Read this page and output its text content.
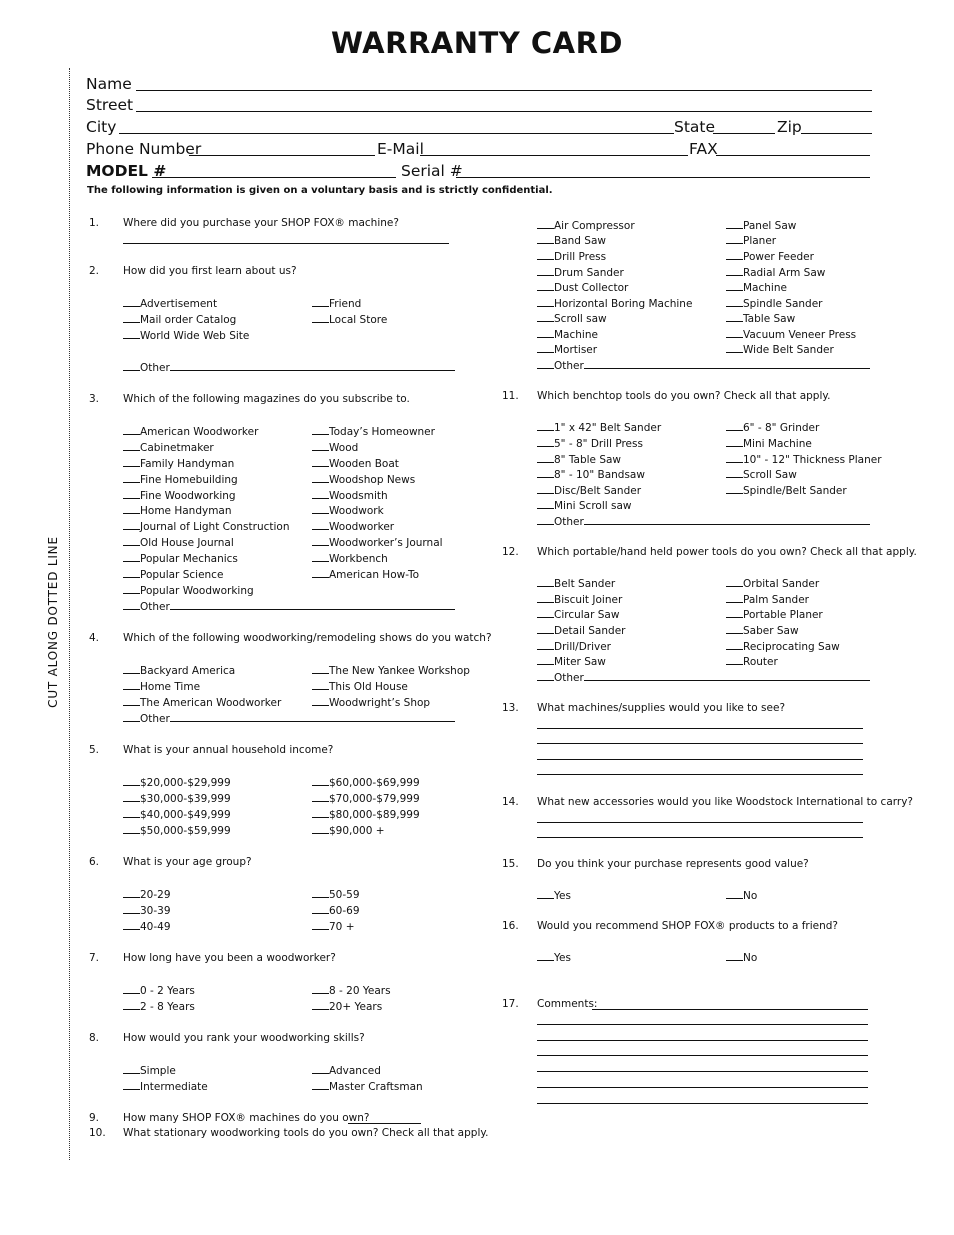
WARRANTY CARD
CUT ALONG DOTTED LINE
Name
Street
City	State	Zip
Phone Number	E-Mail	FAX
MODEL #	Serial #
The following information is given on a voluntary basis and is strictly confidential.
1. Where did you purchase your SHOP FOX® machine?
2. How did you first learn about us?
Advertisement
Mail order Catalog
World Wide Web Site
Friend
Local Store
Other
3. Which of the following magazines do you subscribe to.
American Woodworker
Cabinetmaker
Family Handyman
Fine Homebuilding
Fine Woodworking
Home Handyman
Journal of Light Construction
Old House Journal
Popular Mechanics
Popular Science
Popular Woodworking
Today’s Homeowner
Wood
Wooden Boat
Woodshop News
Woodsmith
Woodwork
Woodworker
Woodworker’s Journal
Workbench
American How-To
Other
4. Which of the following woodworking/remodeling shows do you watch?
Backyard America
Home Time
The American Woodworker
The New Yankee Workshop
This Old House
Woodwright’s Shop
Other
5. What is your annual household income?
$20,000-$29,999
$30,000-$39,999
$40,000-$49,999
$50,000-$59,999
$60,000-$69,999
$70,000-$79,999
$80,000-$89,999
$90,000 +
6. What is your age group?
20-29
30-39
40-49
50-59
60-69
70 +
7. How long have you been a woodworker?
0 - 2 Years
2 - 8 Years
8 - 20 Years
20+ Years
8. How would you rank your woodworking skills?
Simple
Intermediate
Advanced
Master Craftsman
9. How many SHOP FOX® machines do you own?
10. What stationary woodworking tools do you own? Check all that apply.
Air Compressor
Band Saw
Drill Press
Drum Sander
Dust Collector
Horizontal Boring Machine
Scroll saw
Machine
Mortiser
Panel Saw
Planer
Power Feeder
Radial Arm Saw
Machine
Spindle Sander
Table Saw
Vacuum Veneer Press
Wide Belt Sander
Other
11. Which benchtop tools do you own? Check all that apply.
1" x 42" Belt Sander
5" - 8" Drill Press
8" Table Saw
8" - 10" Bandsaw
Disc/Belt Sander
Mini Scroll saw
6" - 8" Grinder
Mini Machine
10" - 12" Thickness Planer
Scroll Saw
Spindle/Belt Sander
Other
12. Which portable/hand held power tools do you own? Check all that apply.
Belt Sander
Biscuit Joiner
Circular Saw
Detail Sander
Drill/Driver
Miter Saw
Orbital Sander
Palm Sander
Portable Planer
Saber Saw
Reciprocating Saw
Router
Other
13. What machines/supplies would you like to see?
14. What new accessories would you like Woodstock International to carry?
15. Do you think your purchase represents good value?
Yes	No
16. Would you recommend SHOP FOX® products to a friend?
Yes	No
17. Comments:
